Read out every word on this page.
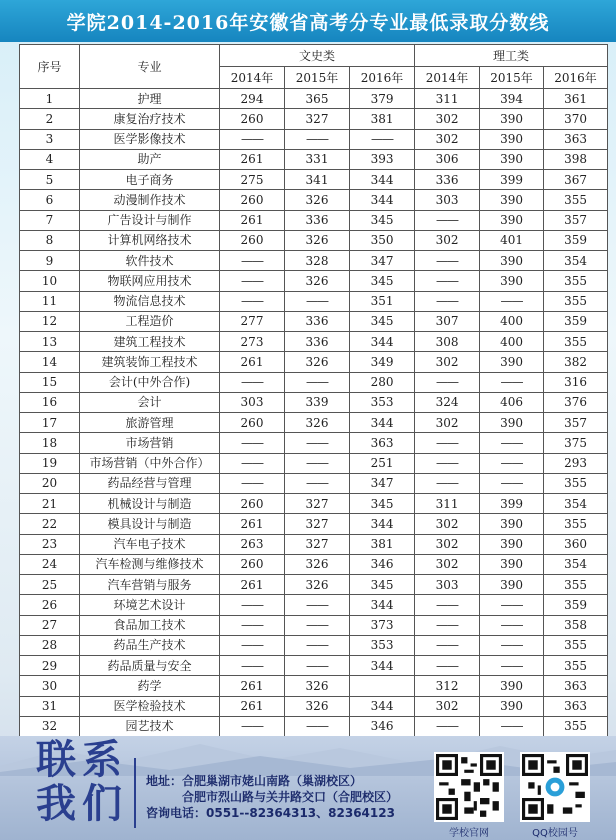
学院2014-2016年安徽省高考分专业最低录取分数线
序号	专业	文史类			理工类		
		2014年	2015年	2016年	2014年	2015年	2016年
1	护理	294	365	379	311	394	361
2	康复治疗技术	260	327	381	302	390	370
3	医学影像技术	——	——	——	302	390	363
4	助产	261	331	393	306	390	398
5	电子商务	275	341	344	336	399	367
6	动漫制作技术	260	326	344	303	390	355
7	广告设计与制作	261	336	345	——	390	357
8	计算机网络技术	260	326	350	302	401	359
9	软件技术	——	328	347	——	390	354
10	物联网应用技术	——	326	345	——	390	355
11	物流信息技术	——	——	351	——	——	355
12	工程造价	277	336	345	307	400	359
13	建筑工程技术	273	336	344	308	400	355
14	建筑装饰工程技术	261	326	349	302	390	382
15	会计(中外合作)	——	——	280	——	——	316
16	会计	303	339	353	324	406	376
17	旅游管理	260	326	344	302	390	357
18	市场营销	——	——	363	——	——	375
19	市场营销（中外合作）	——	——	251	——	——	293
20	药品经营与管理	——	——	347	——	——	355
21	机械设计与制造	260	327	345	311	399	354
22	模具设计与制造	261	327	344	302	390	355
23	汽车电子技术	263	327	381	302	390	360
24	汽车检测与维修技术	260	326	346	302	390	354
25	汽车营销与服务	261	326	345	303	390	355
26	环境艺术设计	——	——	344	——	——	359
27	食品加工技术	——	——	373	——	——	358
28	药品生产技术	——	——	353	——	——	355
29	药品质量与安全	——	——	344	——	——	355
30	药学	261	326		312	390	363
31	医学检验技术	261	326	344	302	390	363
32	园艺技术	——	——	346	——	——	355
联系
我们	地址：合肥巢湖市姥山南路（巢湖校区）
合肥市烈山路与关井路交口（合肥校区）
咨询电话：0551--82364313、82364123
学校官网	QQ校园号
